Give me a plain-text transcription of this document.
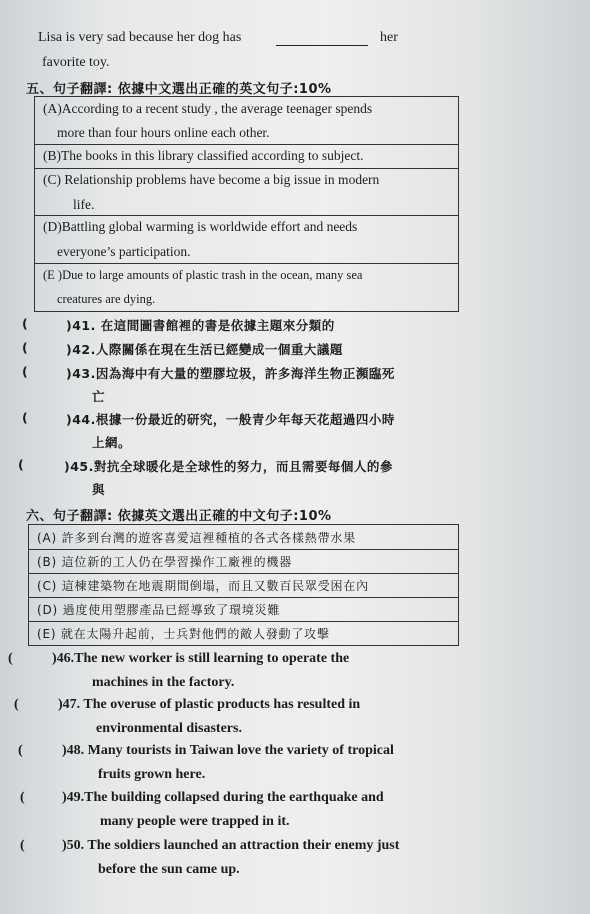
Lisa is very sad because her dog has	her
favorite toy.
五、句子翻譯: 依據中文選出正確的英文句子:10%
(A)According to a recent study , the average teenager spends
more than four hours online each other.
(B)The books in this library classified according to subject.
(C) Relationship problems have become a big issue in modern
life.
(D)Battling global warming is worldwide effort and needs
everyone’s participation.
(E )Due to large amounts of plastic trash in the ocean, many sea
creatures are dying.
(	)41. 在這間圖書館裡的書是依據主題來分類的
(	)42.人際關係在現在生活已經變成一個重大議題
(	)43.因為海中有大量的塑膠垃圾，許多海洋生物正瀕臨死
亡
(	)44.根據一份最近的研究，一般青少年每天花超過四小時
上網。
(	)45.對抗全球暖化是全球性的努力，而且需要每個人的參
與
六、句子翻譯: 依據英文選出正確的中文句子:10%
(A) 許多到台灣的遊客喜愛這裡種植的各式各樣熱帶水果
(B) 這位新的工人仍在學習操作工廠裡的機器
(C) 這棟建築物在地震期間倒塌，而且又數百民眾受困在內
(D) 過度使用塑膠產品已經導致了環境災難
(E) 就在太陽升起前，士兵對他們的敵人發動了攻擊
(	)46.The new worker is still learning to operate the
machines in the factory.
(	)47. The overuse of plastic products has resulted in
environmental disasters.
(	)48. Many tourists in Taiwan love the variety of tropical
fruits grown here.
(	)49.The building collapsed during the earthquake and
many people were trapped in it.
(	)50. The soldiers launched an attraction their enemy just
before the sun came up.
